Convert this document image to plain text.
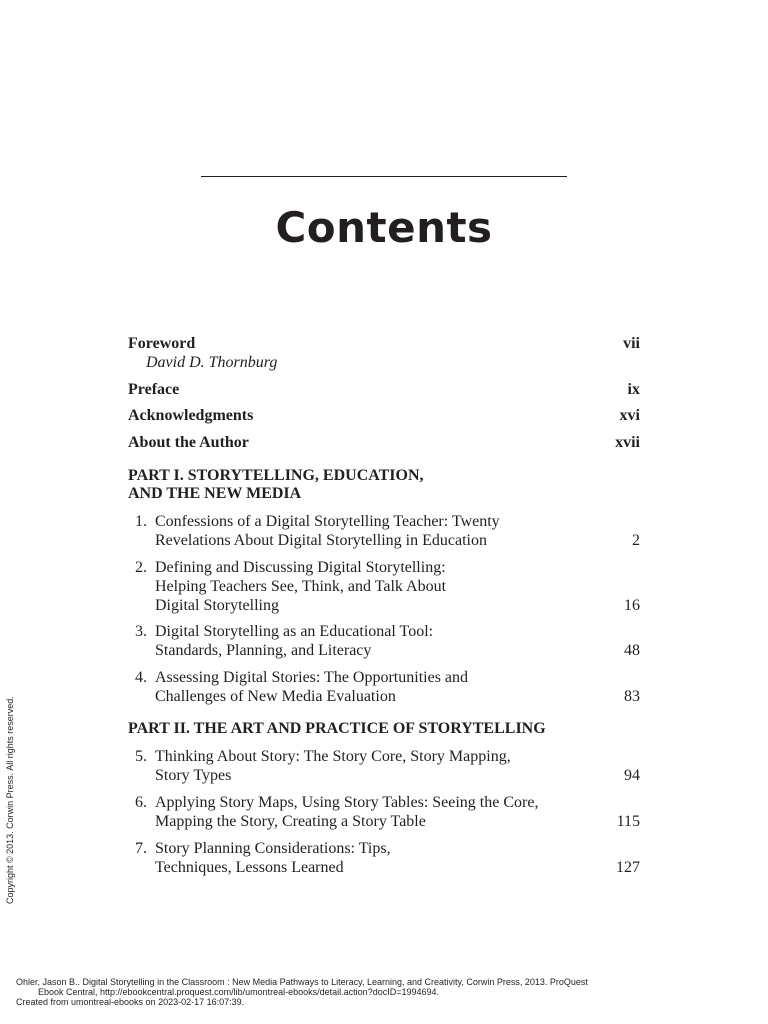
Contents
Foreword	vii
David D. Thornburg
Preface	ix
Acknowledgments	xvi
About the Author	xvii
PART I. STORYTELLING, EDUCATION,
AND THE NEW MEDIA
1. Confessions of a Digital Storytelling Teacher: Twenty
Revelations About Digital Storytelling in Education	2
2. Defining and Discussing Digital Storytelling:
Helping Teachers See, Think, and Talk About
Digital Storytelling	16
3. Digital Storytelling as an Educational Tool:
Standards, Planning, and Literacy	48
4. Assessing Digital Stories: The Opportunities and
Challenges of New Media Evaluation	83
PART II. THE ART AND PRACTICE OF STORYTELLING
5. Thinking About Story: The Story Core, Story Mapping,
Story Types	94
6. Applying Story Maps, Using Story Tables: Seeing the Core,
Mapping the Story, Creating a Story Table	115
7. Story Planning Considerations: Tips,
Techniques, Lessons Learned	127
Copyright © 2013. Corwin Press. All rights reserved.
Ohler, Jason B.. Digital Storytelling in the Classroom : New Media Pathways to Literacy, Learning, and Creativity, Corwin Press, 2013. ProQuest
Ebook Central, http://ebookcentral.proquest.com/lib/umontreal-ebooks/detail.action?docID=1994694.
Created from umontreal-ebooks on 2023-02-17 16:07:39.
